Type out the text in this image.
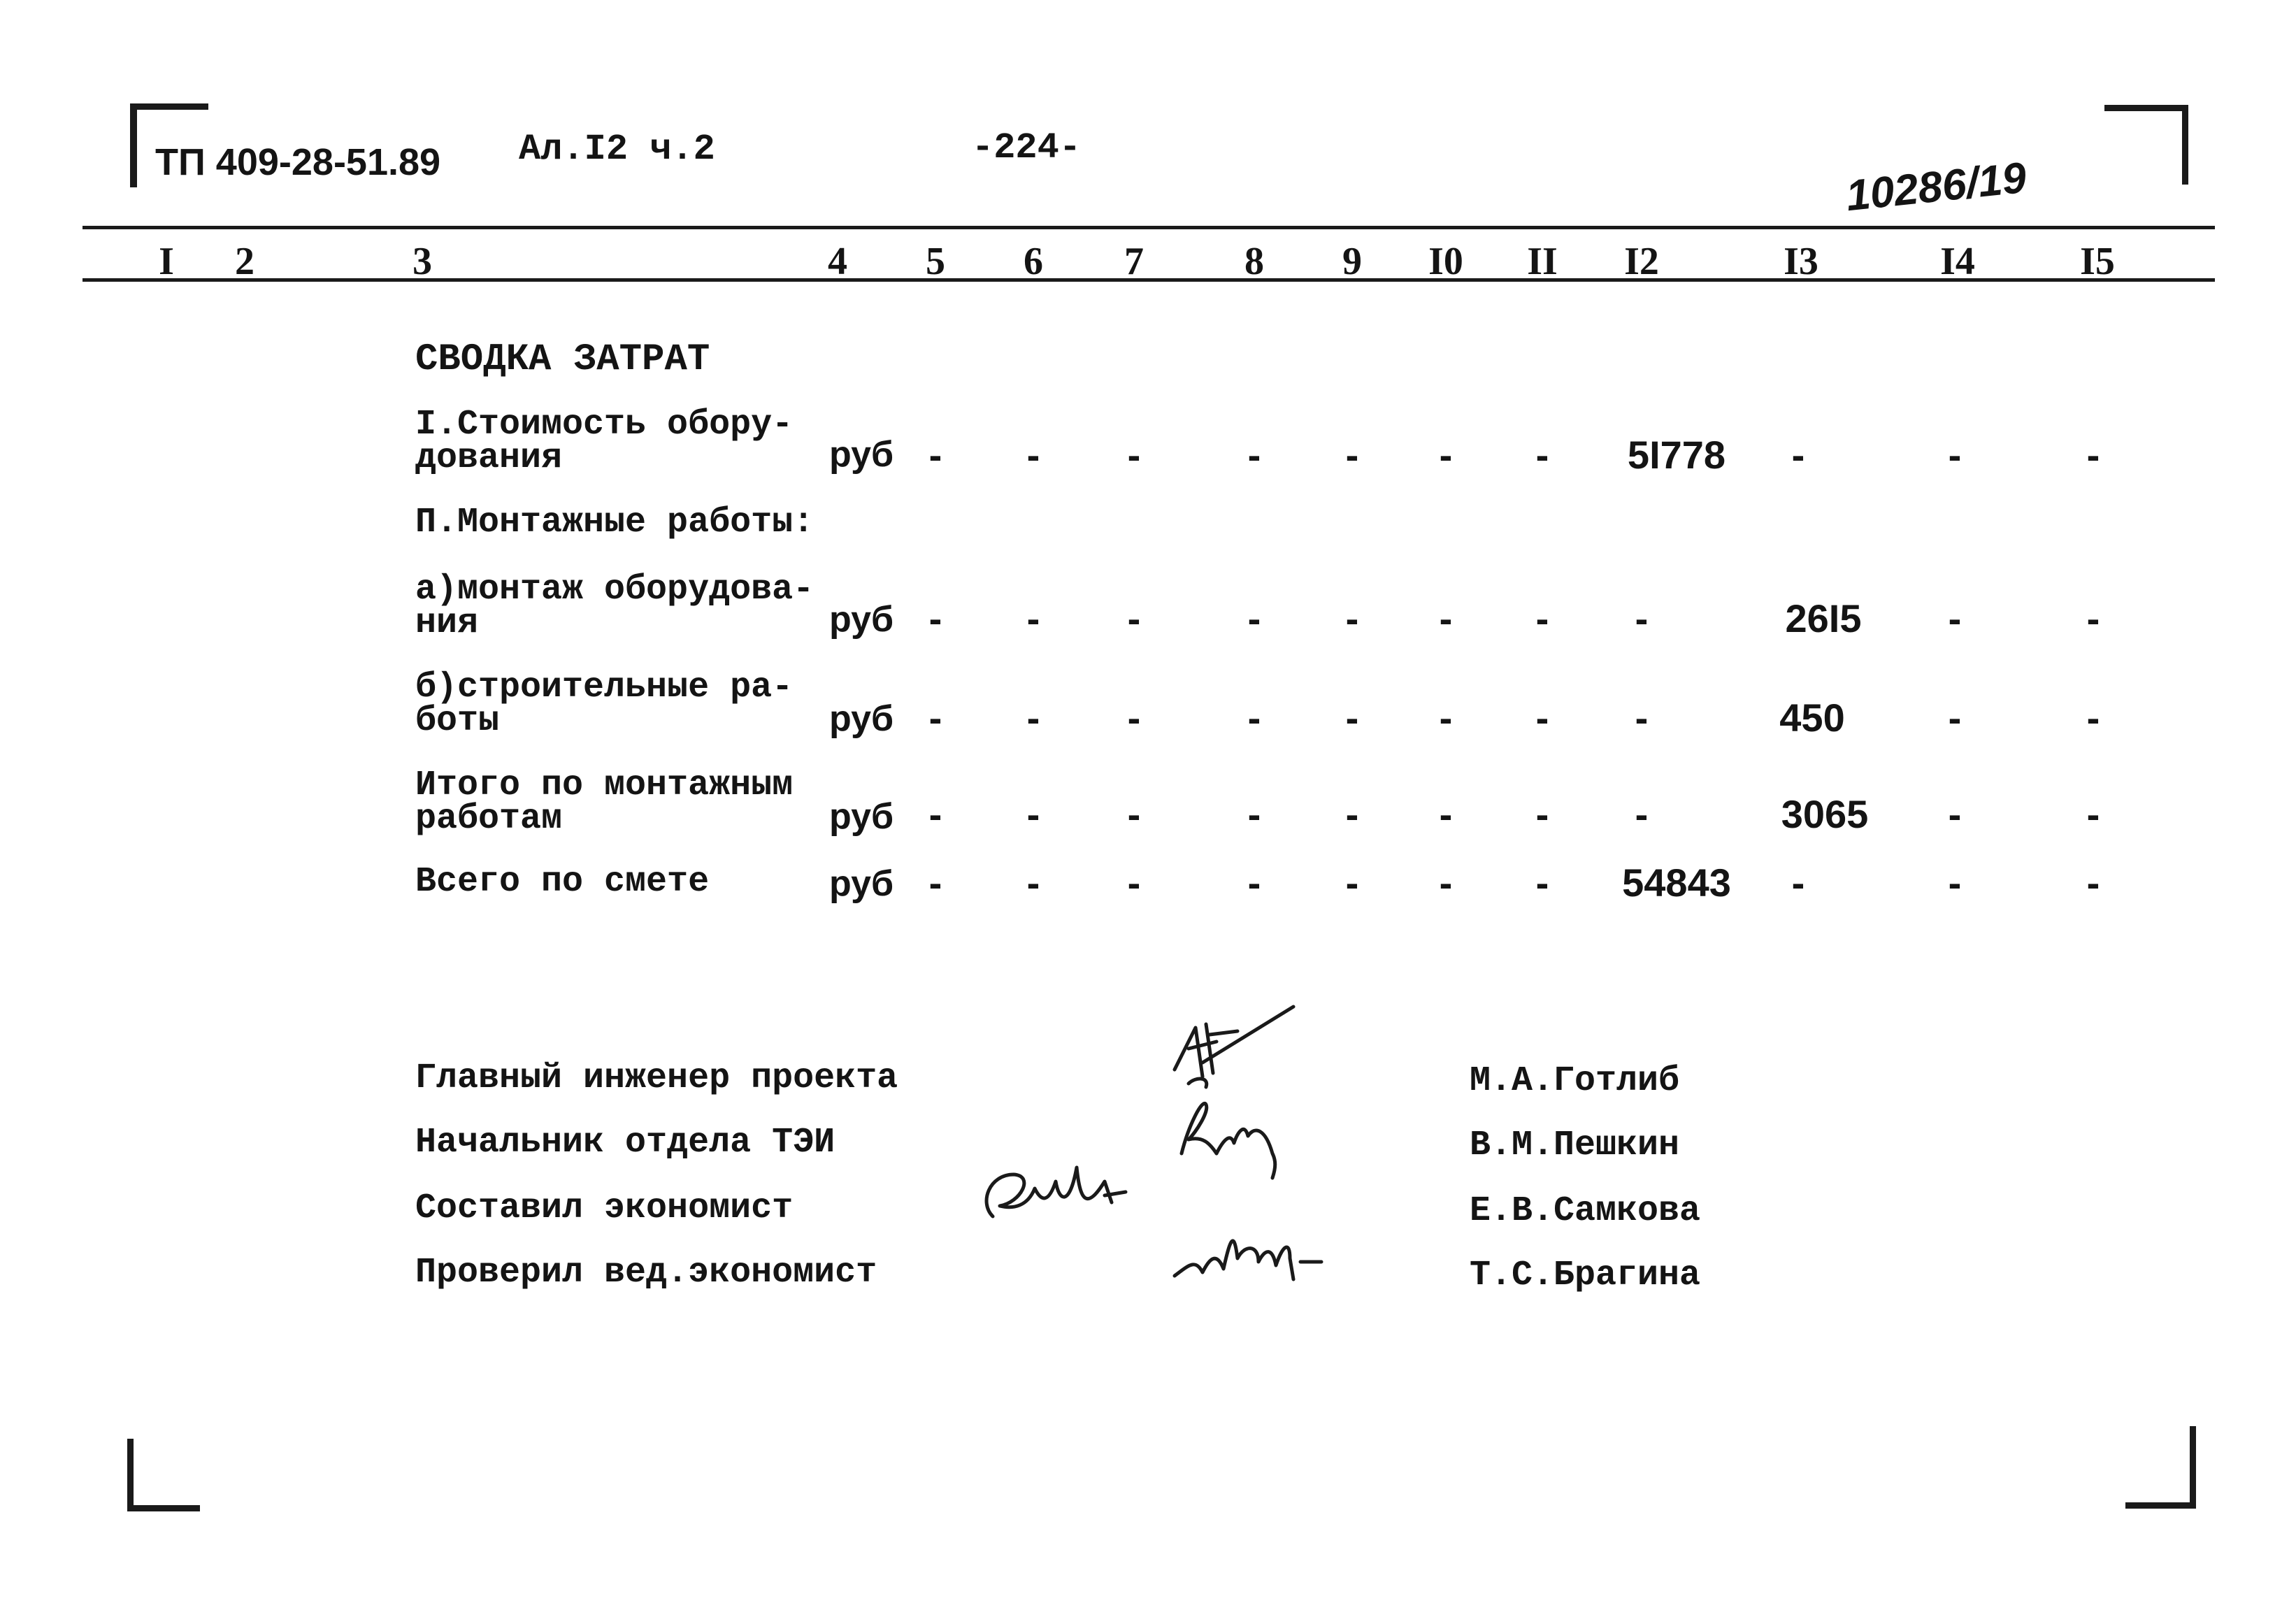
ТП 409-28-51.89 Ал.I2 ч.2	-224-
10286/19
I 2	3	4 5 6 7	8 9 I0 II I2	I3	I4	I5
СВОДКА ЗАТРАТ
I.Стоимость обору-
дования	руб - - -	- - - - 5I778 -	-	-
П.Монтажные работы:
а)монтаж оборудова-
ния	руб - - -	- - - - -	26I5 -	-
б)строительные ра-
боты	руб - - -	- - - - -	450	-	-
Итого по монтажным
работам	руб - - -	- - - - -	3065 -	-
Всего по смете	руб - - -	- - - - 54843 -	-	-
Главный инженер проекта
Начальник отдела ТЭИ
Составил экономист
Проверил вед.экономист
М.А.Готлиб
В.М.Пешкин
Е.В.Самкова
Т.С.Брагина
